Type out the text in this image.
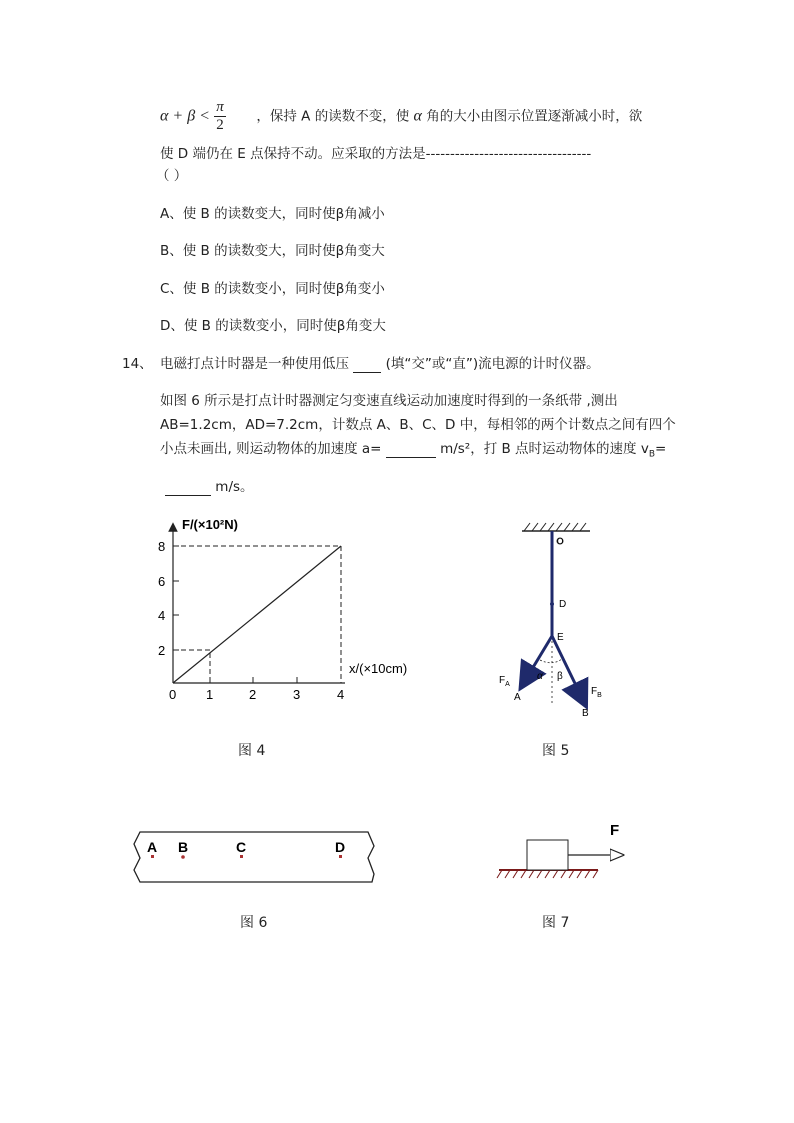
$\alpha + \beta < \frac{\pi}{2}$ ，保持 A 的读数不变，使 α 角的大小由图示位置逐渐减小时，欲
使 D 端仍在 E 点保持不动。应采取的方法是----------------------------------
（ ）
A、使 B 的读数变大，同时使β角减小
B、使 B 的读数变大，同时使β角变大
C、使 B 的读数变小，同时使β角变小
D、使 B 的读数变小，同时使β角变大
14、 电磁打点计时器是一种使用低压	(填“交”或“直”)流电源的计时仪器。
如图 6 所示是打点计时器测定匀变速直线运动加速度时得到的一条纸带 ,测出
AB=1.2cm，AD=7.2cm，计数点 A、B、C、D 中，每相邻的两个计数点之间有四个
小点未画出, 则运动物体的加速度 a=	m/s²，打 B 点时运动物体的速度 $v_B=$
m/s。
F/(×10²N)
x/(×10cm)
2
4
6
8
0 1	2	3	4
图 4
O
D
E
$F_A$
$F_B$
A
B
α β
图 5
A B	C	D
图 6
F
图 7
